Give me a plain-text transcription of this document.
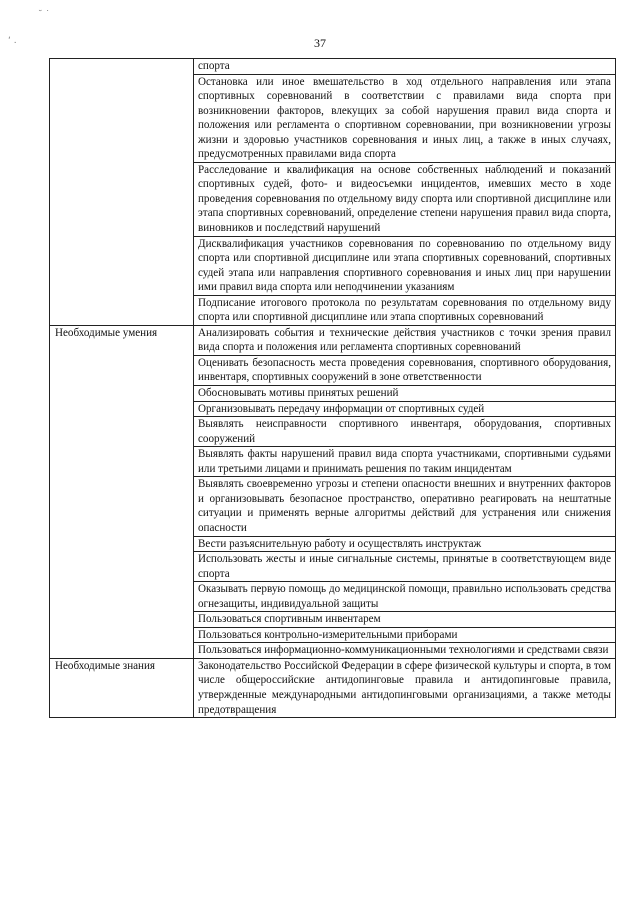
˘ ˙
‘ .	37
	спорта
	Остановка или иное вмешательство в ход отдельного направления или этапа спортивных соревнований в соответствии с правилами вида спорта при возникновении факторов, влекущих за собой нарушения правил вида спорта и положения или регламента о спортивном соревновании, при возникновении угрозы жизни и здоровью участников соревнования и иных лиц, а также в иных случаях, предусмотренных правилами вида спорта
	Расследование и квалификация на основе собственных наблюдений и показаний спортивных судей, фото- и видеосъемки инцидентов, имевших место в ходе проведения соревнования по отдельному виду спорта или спортивной дисциплине или этапа спортивных соревнований, определение степени нарушения правил вида спорта, виновников и последствий нарушений
	Дисквалификация участников соревнования по соревнованию по отдельному виду спорта или спортивной дисциплине или этапа спортивных соревнований, спортивных судей этапа или направления спортивного соревнования и иных лиц при нарушении ими правил вида спорта или неподчинении указаниям
	Подписание итогового протокола по результатам соревнования по отдельному виду спорта или спортивной дисциплине или этапа спортивных соревнований
Необходимые умения	Анализировать события и технические действия участников с точки зрения правил вида спорта и положения или регламента спортивных соревнований
	Оценивать безопасность места проведения соревнования, спортивного оборудования, инвентаря, спортивных сооружений в зоне ответственности
	Обосновывать мотивы принятых решений
	Организовывать передачу информации от спортивных судей
	Выявлять неисправности спортивного инвентаря, оборудования, спортивных сооружений
	Выявлять факты нарушений правил вида спорта участниками, спортивными судьями или третьими лицами и принимать решения по таким инцидентам
	Выявлять своевременно угрозы и степени опасности внешних и внутренних факторов и организовывать безопасное пространство, оперативно реагировать на нештатные ситуации и применять верные алгоритмы действий для устранения или снижения опасности
	Вести разъяснительную работу и осуществлять инструктаж
	Использовать жесты и иные сигнальные системы, принятые в соответствующем виде спорта
	Оказывать первую помощь до медицинской помощи, правильно использовать средства огнезащиты, индивидуальной защиты
	Пользоваться спортивным инвентарем
	Пользоваться контрольно-измерительными приборами
	Пользоваться информационно-коммуникационными технологиями и средствами связи
Необходимые знания	Законодательство Российской Федерации в сфере физической культуры и спорта, в том числе общероссийские антидопинговые правила и антидопинговые правила, утвержденные международными антидопинговыми организациями, а также методы предотвращения
